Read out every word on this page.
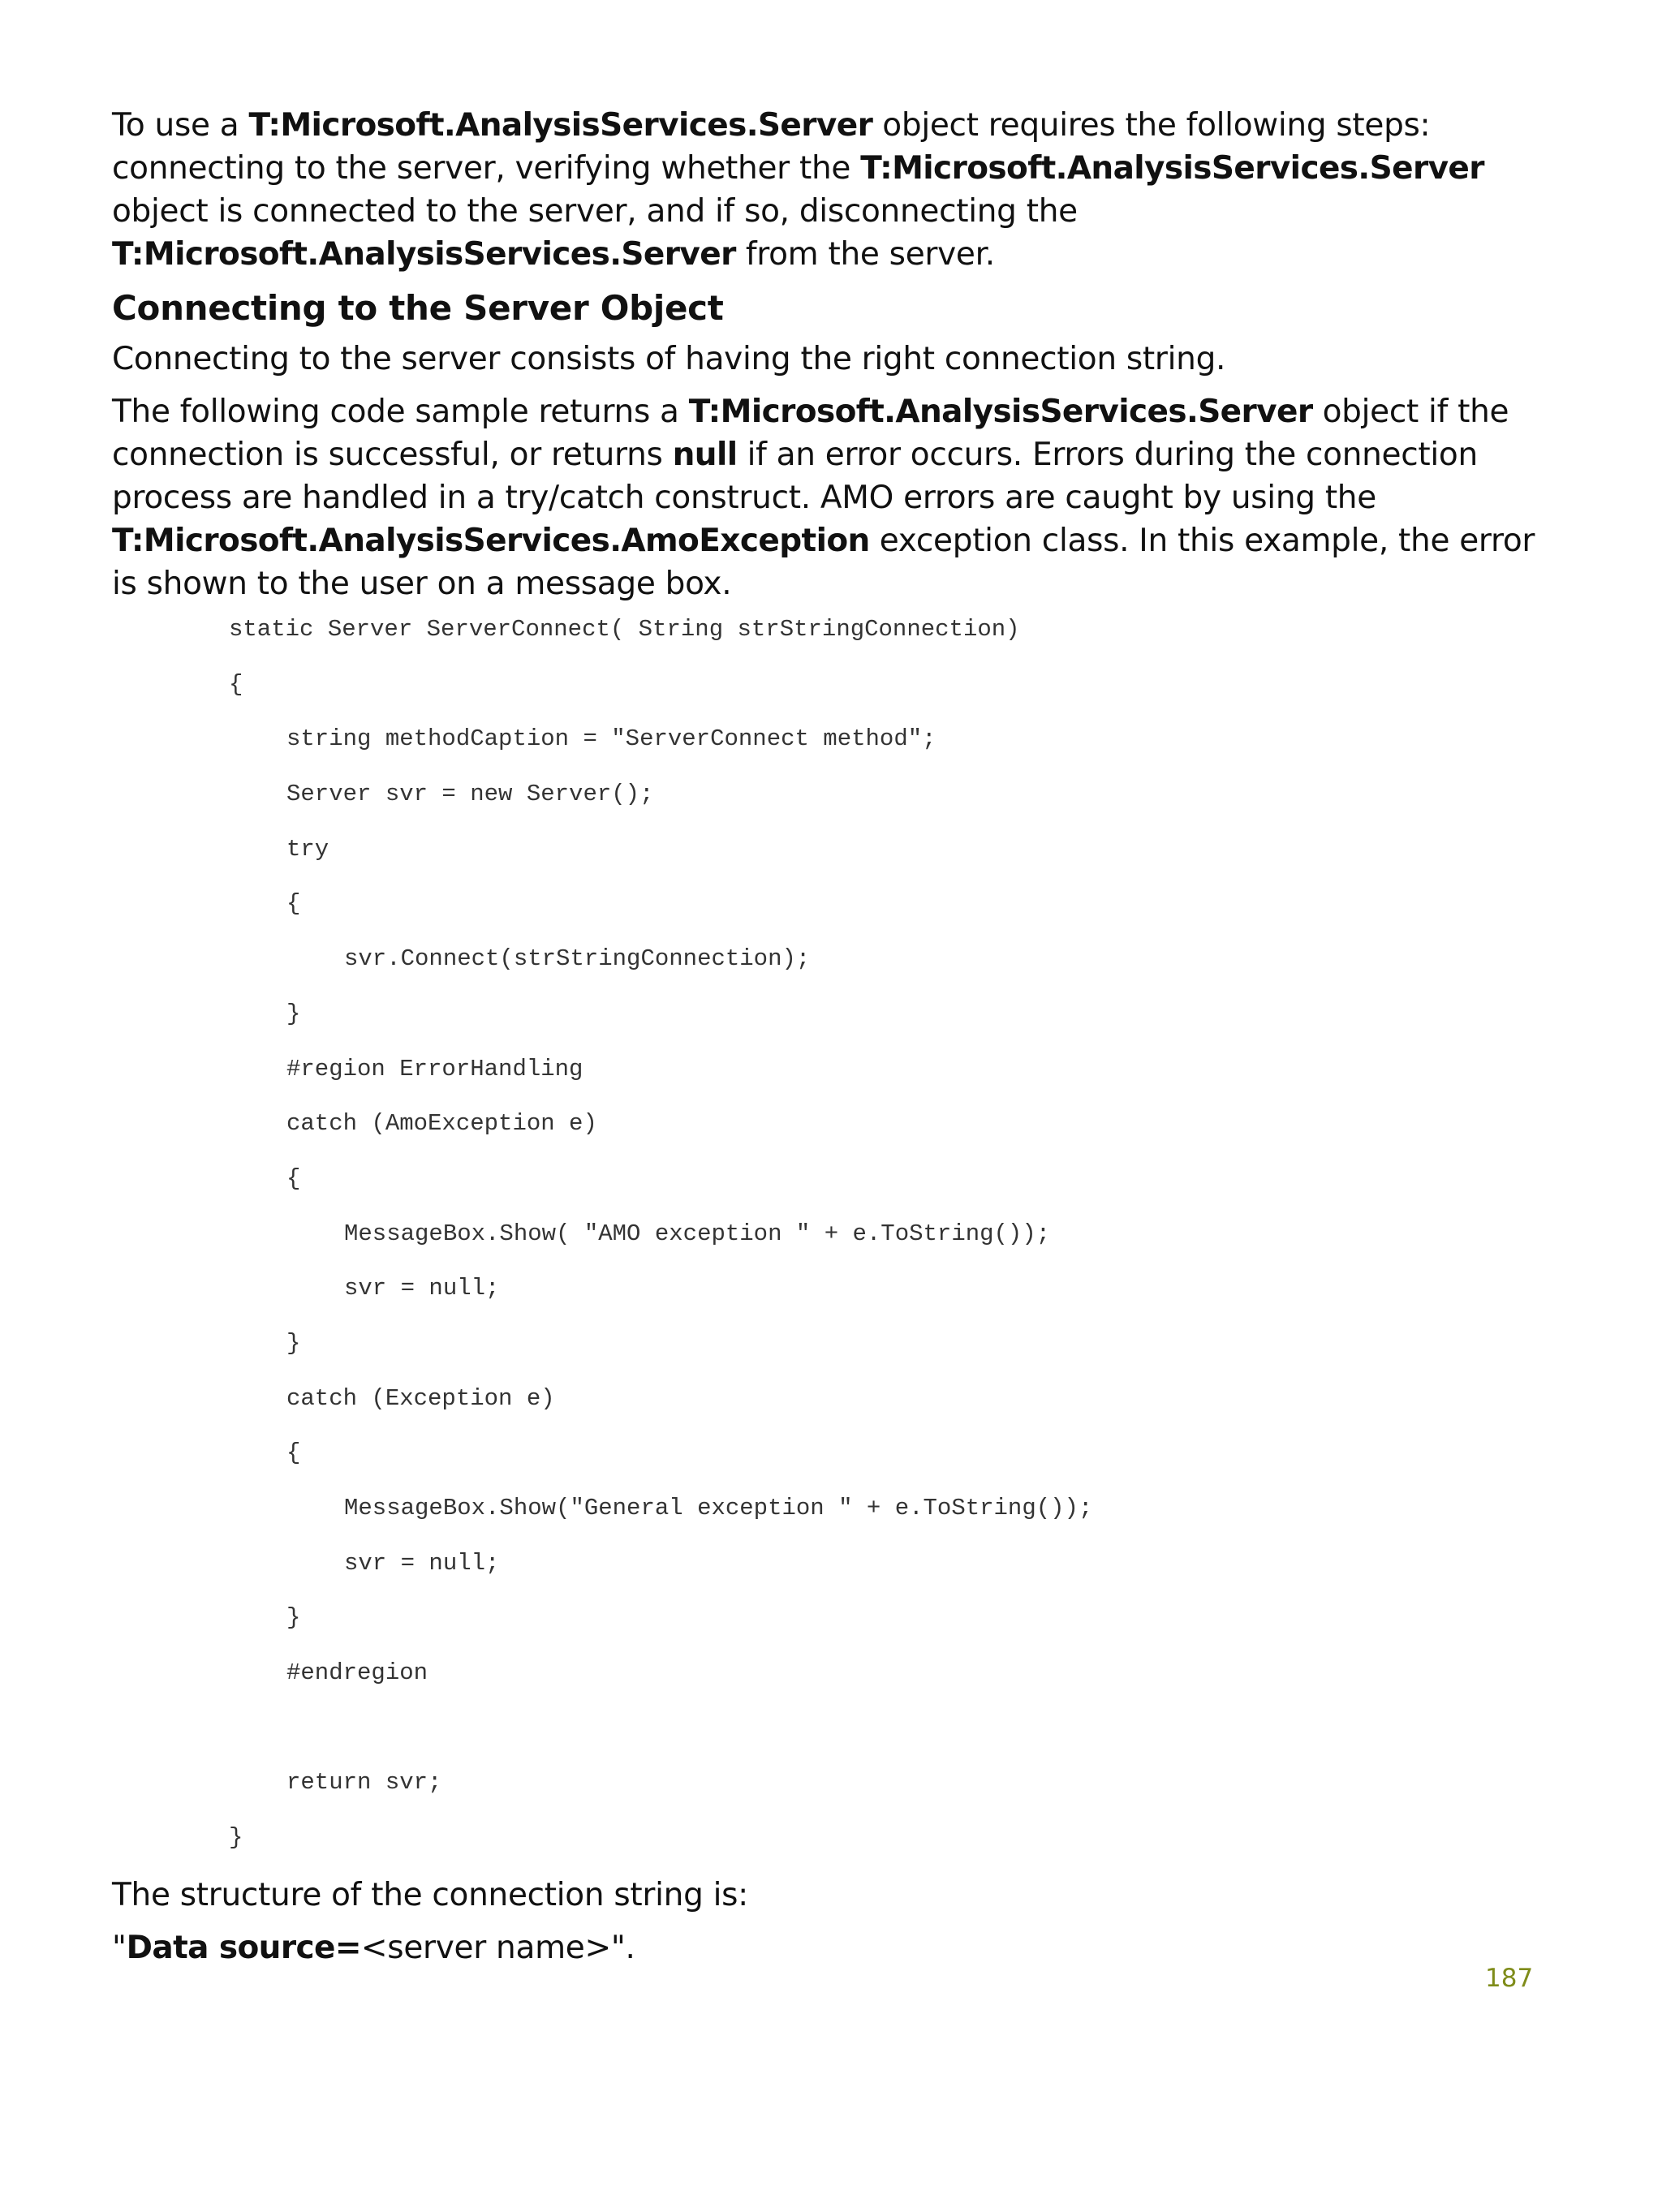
To use a T:Microsoft.AnalysisServices.Server object requires the following steps: connecting to the server, verifying whether the T:Microsoft.AnalysisServices.Server object is connected to the server, and if so, disconnecting the T:Microsoft.AnalysisServices.Server from the server.

Connecting to the Server Object

Connecting to the server consists of having the right connection string.

The following code sample returns a T:Microsoft.AnalysisServices.Server object if the connection is successful, or returns null if an error occurs. Errors during the connection process are handled in a try/catch construct. AMO errors are caught by using the T:Microsoft.AnalysisServices.AmoException exception class. In this example, the error is shown to the user on a message box.

static Server ServerConnect( String strStringConnection)
{
string methodCaption = "ServerConnect method";
Server svr = new Server();
try
{
svr.Connect(strStringConnection);
}
#region ErrorHandling
catch (AmoException e)
{
MessageBox.Show( "AMO exception " + e.ToString());
svr = null;
}
catch (Exception e)
{
MessageBox.Show("General exception " + e.ToString());
svr = null;
}
#endregion
return svr;
}

The structure of the connection string is:

"Data source=<server name>".

187
